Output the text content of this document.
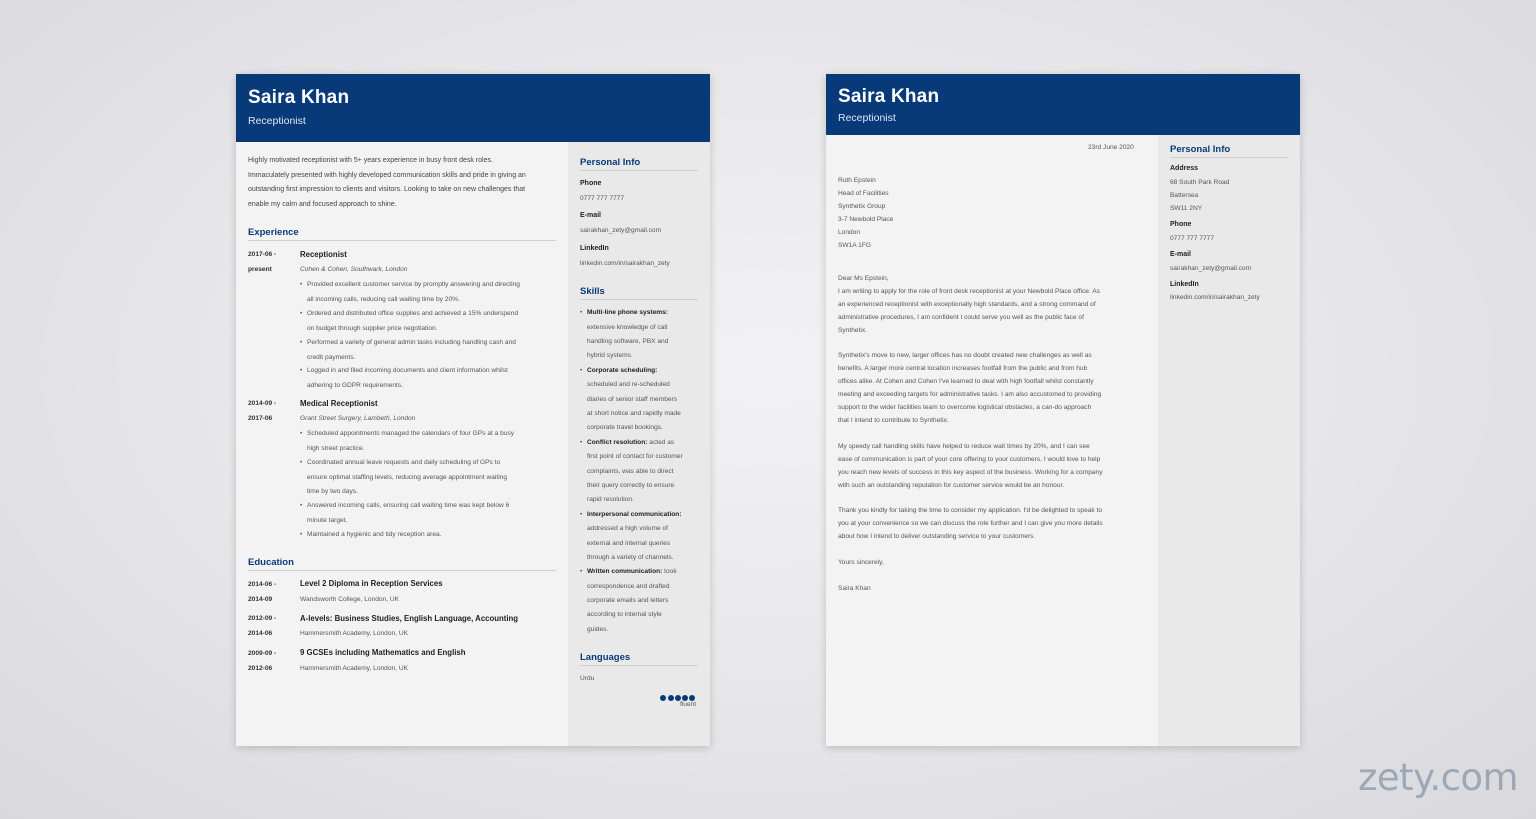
Saira Khan
Receptionist
Highly motivated receptionist with 5+ years experience in busy front desk roles.
Immaculately presented with highly developed communication skills and pride in giving an
outstanding first impression to clients and visitors. Looking to take on new challenges that
enable my calm and focused approach to shine.
Experience
2017-06 -
present
Receptionist
Cohen & Cohen, Southwark, London
• Provided excellent customer service by promptly answering and directing
all incoming calls, reducing call waiting time by 20%.
• Ordered and distributed office supplies and achieved a 15% underspend
on budget through supplier price negotiation.
• Performed a variety of general admin tasks including handling cash and
credit payments.
• Logged in and filed incoming documents and client information whilst
adhering to GDPR requirements.
2014-09 -
2017-06
Medical Receptionist
Grant Street Surgery, Lambeth, London
• Scheduled appointments managed the calendars of four GPs at a busy
high street practice.
• Coordinated annual leave requests and daily scheduling of GPs to
ensure optimal staffing levels, reducing average appointment waiting
time by two days.
• Answered incoming calls, ensuring call waiting time was kept below 6
minute target.
• Maintained a hygienic and tidy reception area.
Education
2014-06 -
2014-09
Level 2 Diploma in Reception Services
Wandsworth College, London, UK
2012-09 -
2014-06
A-levels: Business Studies, English Language, Accounting
Hammersmith Academy, London, UK
2009-09 -
2012-06
9 GCSEs including Mathematics and English
Hammersmith Academy, London, UK
Personal Info
Phone
0777 777 7777
E-mail
sairakhan_zety@gmail.com
LinkedIn
linkedin.com/in/sairakhan_zety
Skills
• Multi-line phone systems:
extensive knowledge of call
handling software, PBX and
hybrid systems.
• Corporate scheduling:
scheduled and re-scheduled
diaries of senior staff members
at short notice and rapidly made
corporate travel bookings.
• Conflict resolution: acted as
first point of contact for customer
complaints, was able to direct
their query correctly to ensure
rapid resolution.
• Interpersonal communication:
addressed a high volume of
external and internal queries
through a variety of channels.
• Written communication: took
correspondence and drafted
corporate emails and letters
according to internal style
guides.
Languages
Urdu
fluent
Saira Khan
Receptionist
23rd June 2020
Ruth Epstein
Head of Facilities
Synthetix Group
3-7 Newbold Place
London
SW1A 1FG
Dear Ms Epstein,
I am writing to apply for the role of front desk receptionist at your Newbold Place office. As
an experienced receptionist with exceptionally high standards, and a strong command of
administrative procedures, I am confident I could serve you well as the public face of
Synthetix.
Synthetix's move to new, larger offices has no doubt created new challenges as well as
benefits. A larger more central location increases footfall from the public and from hub
offices alike. At Cohen and Cohen I've learned to deal with high footfall whilst constantly
meeting and exceeding targets for administrative tasks. I am also accustomed to providing
support to the wider facilities team to overcome logistical obstacles, a can-do approach
that I intend to contribute to Synthetix.
My speedy call handling skills have helped to reduce wait times by 20%, and I can see
ease of communication is part of your core offering to your customers. I would love to help
you reach new levels of success in this key aspect of the business. Working for a company
with such an outstanding reputation for customer service would be an honour.
Thank you kindly for taking the time to consider my application. I'd be delighted to speak to
you at your convenience so we can discuss the role further and I can give you more details
about how I intend to deliver outstanding service to your customers.
Yours sincerely,
Saira Khan
Personal Info
Address
68 South Park Road
Battersea
SW11 2NY
Phone
0777 777 7777
E-mail
sairakhan_zety@gmail.com
LinkedIn
linkedin.com/in/sairakhan_zety
zety.com
